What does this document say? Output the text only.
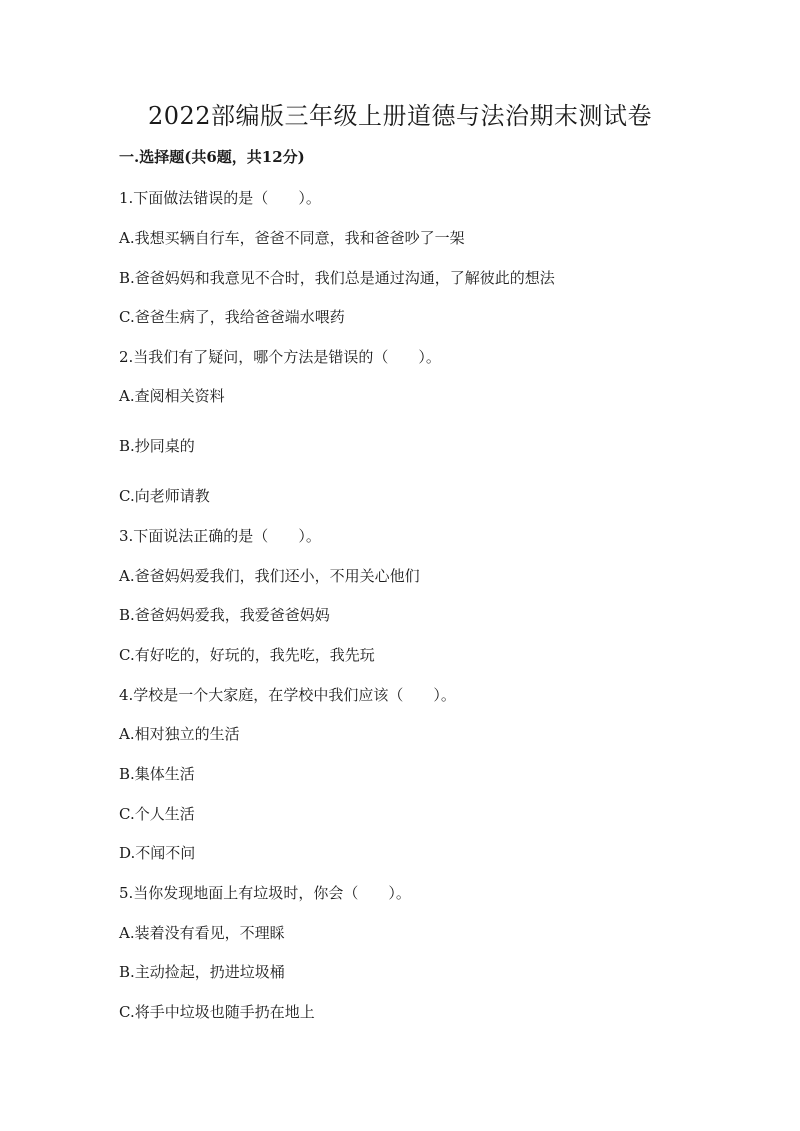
2022部编版三年级上册道德与法治期末测试卷
一.选择题(共6题，共12分)

1.下面做法错误的是（　　）。

A.我想买辆自行车，爸爸不同意，我和爸爸吵了一架

B.爸爸妈妈和我意见不合时，我们总是通过沟通，了解彼此的想法

C.爸爸生病了，我给爸爸端水喂药

2.当我们有了疑问，哪个方法是错误的（　　）。

A.查阅相关资料

B.抄同桌的

C.向老师请教

3.下面说法正确的是（　　）。

A.爸爸妈妈爱我们，我们还小，不用关心他们

B.爸爸妈妈爱我，我爱爸爸妈妈

C.有好吃的，好玩的，我先吃，我先玩

4.学校是一个大家庭，在学校中我们应该（　　）。

A.相对独立的生活

B.集体生活

C.个人生活

D.不闻不问

5.当你发现地面上有垃圾时，你会（　　）。

A.装着没有看见，不理睬

B.主动捡起，扔进垃圾桶

C.将手中垃圾也随手扔在地上
